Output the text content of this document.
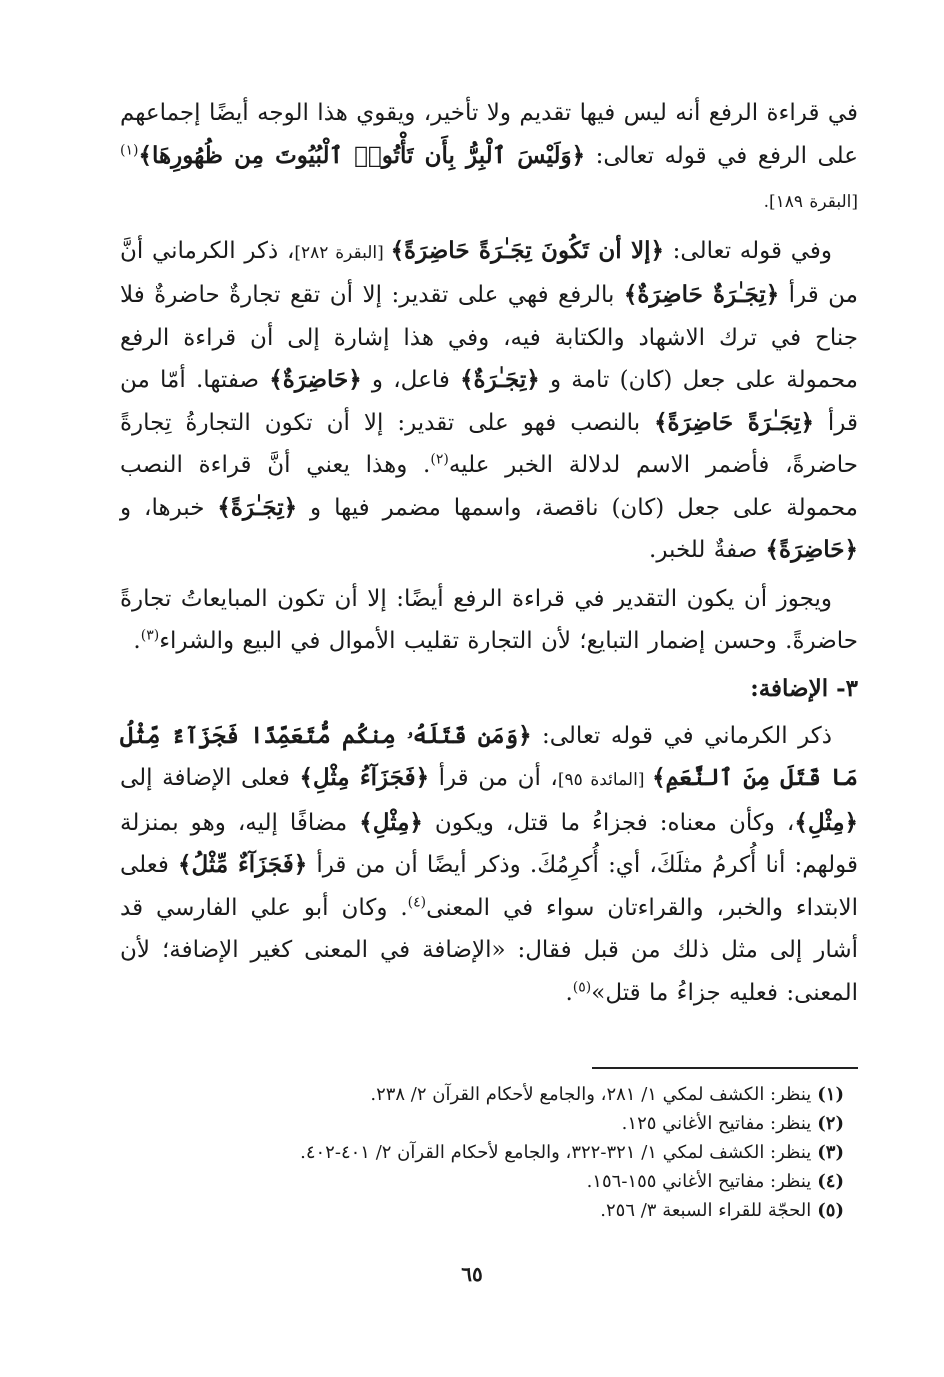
في قراءة الرفع أنه ليس فيها تقديم ولا تأخير، ويقوي هذا الوجه أيضًا إجماعهم على الرفع في قوله تعالى: ﴿وَلَيْسَ ٱلْبِرُّ بِأَن تَأْتُوا۟ ٱلْبُيُوتَ مِن ظُهُورِهَا﴾$^{(١)}$ [البقرة ١٨٩].

وفي قوله تعالى: ﴿إلا أن تَكُونَ تِجَـٰرَةً حَاضِرَةً﴾ [البقرة ٢٨٢]، ذكر الكرماني أنَّ من قرأ ﴿تِجَـٰرَةٌ حَاضِرَةٌ﴾ بالرفع فهي على تقدير: إلا أن تقع تجارةٌ حاضرةٌ فلا جناح في ترك الاشهاد والكتابة فيه، وفي هذا إشارة إلى أن قراءة الرفع محمولة على جعل (كان) تامة و ﴿تِجَـٰرَةٌ﴾ فاعل، و ﴿حَاضِرَةٌ﴾ صفتها. أمّا من قرأ ﴿تِجَـٰرَةً حَاضِرَةً﴾ بالنصب فهو على تقدير: إلا أن تكون التجارةُ تِجارةً حاضرةً، فأضمر الاسم لدلالة الخبر عليه$^{(٢)}$. وهذا يعني أنَّ قراءة النصب محمولة على جعل (كان) ناقصة، واسمها مضمر فيها و ﴿تِجَـٰرَةً﴾ خبرها، و ﴿حَاضِرَةً﴾ صفةٌ للخبر.

ويجوز أن يكون التقدير في قراءة الرفع أيضًا: إلا أن تكون المبايعاتُ تجارةً حاضرةً. وحسن إضمار التبايع؛ لأن التجارة تقليب الأموال في البيع والشراء$^{(٣)}$.

٣- الإضافة:

ذكر الكرماني في قوله تعالى: ﴿وَمَن قَتَلَهُۥ مِنكُم مُّتَعَمِّدًا فَجَزَآءٌ مِّثْلُ مَا قَتَلَ مِنَ ٱلنَّعَمِ﴾ [المائدة ٩٥]، أن من قرأ ﴿فَجَزَآءُ مِثْلِ﴾ فعلى الإضافة إلى ﴿مِثْلِ﴾، وكأن معناه: فجزاءُ ما قتل، ويكون ﴿مِثْلِ﴾ مضافًا إليه، وهو بمنزلة قولهم: أنا أُكرمُ مثلَكَ، أي: أُكرِمُكَ. وذكر أيضًا أن من قرأ ﴿فَجَزَآءٌ مِّثْلُ﴾ فعلى الابتداء والخبر، والقراءتان سواء في المعنى$^{(٤)}$. وكان أبو علي الفارسي قد أشار إلى مثل ذلك من قبل فقال: «الإضافة في المعنى كغير الإضافة؛ لأن المعنى: فعليه جزاءُ ما قتل»$^{(٥)}$.

(١)ينظر: الكشف لمكي ١/ ٢٨١، والجامع لأحكام القرآن ٢/ ٢٣٨.

(٢)ينظر: مفاتيح الأغاني ١٢٥.

(٣)ينظر: الكشف لمكي ١/ ٣٢١-٣٢٢، والجامع لأحكام القرآن ٢/ ٤٠١-٤٠٢.

(٤)ينظر: مفاتيح الأغاني ١٥٥-١٥٦.

(٥)الحجّة للقراء السبعة ٣/ ٢٥٦.

٦٥
